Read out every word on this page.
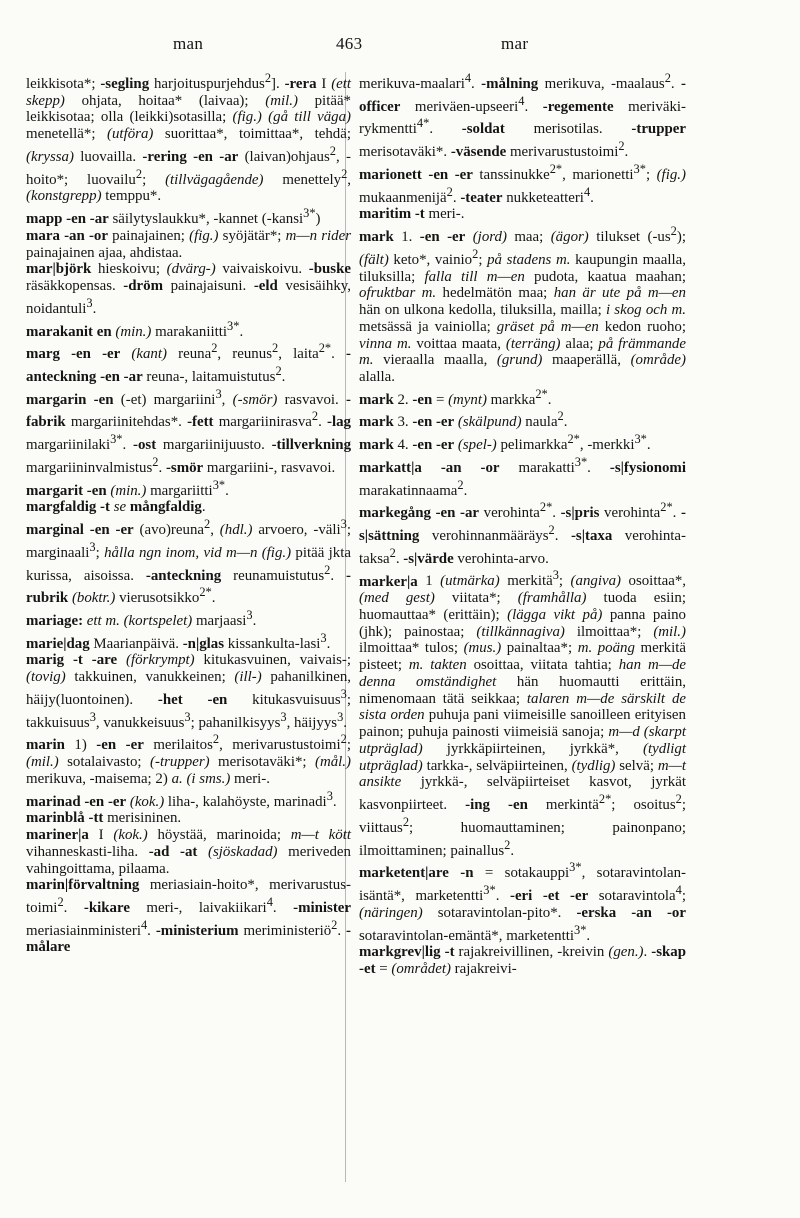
man	463	mar

leikkisota*; -segling harjoituspurjehdus$^2$]. -rera I (ett skepp) ohjata, hoitaa* (laivaa); (mil.) pitää* leikkisotaa; olla (leikki)sotasilla; (fig.) (gå till väga) menetellä*; (utföra) suorittaa*, toimittaa*, tehdä; (kryssa) luovailla. -rering -en -ar (laivan)ohjaus$^2$, -hoito*; luovailu$^2$; (tillvägagående) menettely$^2$, (konstgrepp) temppu*.

mapp -en -ar säilytyslaukku*, -kannet (-kansi$^{3*}$)

mara -an -or painajainen; (fig.) syöjätär*; m—n rider painajainen ajaa, ahdistaa.

mar|björk hieskoivu; (dvärg-) vaivaiskoivu. -buske räsäkkopensas. -dröm painajaisuni. -eld vesisäihky, noidantuli$^3$.

marakanit en (min.) marakaniitti$^{3*}$.

marg -en -er (kant) reuna$^2$, reunus$^2$, laita$^{2*}$. -anteckning -en -ar reuna-, laitamuistutus$^2$.

margarin -en (-et) margariini$^3$, (-smör) rasvavoi. -fabrik margariinitehdas*. -fett margariinirasva$^2$. -lag margariinilaki$^{3*}$. -ost margariinijuusto. -tillverkning margariininvalmistus$^2$. -smör margariini-, rasvavoi.

margarit -en (min.) margariitti$^{3*}$.

margfaldig -t se mångfaldig.

marginal -en -er (avo)reuna$^2$, (hdl.) arvoero, -väli$^3$; marginaali$^3$; hålla ngn inom, vid m—n (fig.) pitää jkta kurissa, aisoissa. -anteckning reunamuistutus$^2$. -rubrik (boktr.) vierusotsikko$^{2*}$.

mariage: ett m. (kortspelet) marjaasi$^3$.

marie|dag Maarianpäivä. -n|glas kissankulta-lasi$^3$.

marig -t -are (förkrympt) kitukasvuinen, vaivais-; (tovig) takkuinen, vanukkeinen; (ill-) pahanilkinen, häijy(luontoinen). -het -en kitukasvuisuus$^3$; takkuisuus$^3$, vanukkeisuus$^3$; pahanilkisyys$^3$, häijyys$^3$.

marin 1) -en -er merilaitos$^2$, merivarustustoimi$^2$; (mil.) sotalaivasto; (-trupper) merisotaväki*; (mål.) merikuva, -maisema; 2) a. (i sms.) meri-.

marinad -en -er (kok.) liha-, kalahöyste, marinadi$^3$.

marinblå -tt merisininen.

mariner|a I (kok.) höystää, marinoida; m—t kött vihanneskasti-liha. -ad -at (sjöskadad) meriveden vahingoittama, pilaama.

marin|förvaltning meriasiain-hoito*, merivarustus-toimi$^2$. -kikare meri-, laivakiikari$^4$. -minister meriasiainministeri$^4$. -ministerium meriministeriö$^2$. -målare

merikuva-maalari$^4$. -målning merikuva, -maalaus$^2$. -officer meriväen-upseeri$^4$. -regemente meriväki-rykmentti$^{4*}$. -soldat merisotilas. -trupper merisotaväki*. -väsende merivarustustoimi$^2$.

marionett -en -er tanssinukke$^{2*}$, marionetti$^{3*}$; (fig.) mukaanmenijä$^2$. -teater nukketeatteri$^4$.

maritim -t meri-.

mark 1. -en -er (jord) maa; (ägor) tilukset $(-us^2)$; (fält) keto*, vainio$^2$; på stadens m. kaupungin maalla, tiluksilla; falla till m—en pudota, kaatua maahan; ofruktbar m. hedelmätön maa; han är ute på m—en hän on ulkona kedolla, tiluksilla, mailla; i skog och m. metsässä ja vainiolla; gräset på m—en kedon ruoho; vinna m. voittaa maata, (terräng) alaa; på främmande m. vieraalla maalla, (grund) maaperällä, (område) alalla.

mark 2. -en = (mynt) markka$^{2*}$.

mark 3. -en -er (skälpund) naula$^2$.

mark 4. -en -er (spel-) pelimarkka$^{2*}$, -merkki$^{3*}$.

markatt|a -an -or marakatti$^{3*}$. -s|fysionomi marakatinnaama$^2$.

markegång -en -ar verohinta$^{2*}$. -s|pris verohinta$^{2*}$. -s|sättning verohinnanmääräys$^2$. -s|taxa verohinta-taksa$^2$. -s|värde verohinta-arvo.

marker|a 1 (utmärka) merkitä$^3$; (angiva) osoittaa*, (med gest) viitata*; (framhålla) tuoda esiin; huomauttaa* (erittäin); (lägga vikt på) panna paino (jhk); painostaa; (tillkännagiva) ilmoittaa*; (mil.) ilmoittaa* tulos; (mus.) painaltaa*; m. poäng merkitä pisteet; m. takten osoittaa, viitata tahtia; han m—de denna omständighet hän huomautti erittäin, nimenomaan tätä seikkaa; talaren m—de särskilt de sista orden puhuja pani viimeisille sanoilleen erityisen painon; puhuja painosti viimeisiä sanoja; m—d (skarpt utpräglad) jyrkkäpiirteinen, jyrkkä*, (tydligt utpräglad) tarkka-, selväpiirteinen, (tydlig) selvä; m—t ansikte jyrkkä-, selväpiirteiset kasvot, jyrkät kasvonpiirteet. -ing -en merkintä$^{2*}$; osoitus$^2$; viittaus$^2$; huomauttaminen; painonpano; ilmoittaminen; painallus$^2$.

marketent|are -n = sotakauppi$^{3*}$, sotaravintolan-isäntä*, marketentti$^{3*}$. -eri -et -er sotaravintola$^4$; (näringen) sotaravintolan-pito*. -erska -an -or sotaravintolan-emäntä*, marketentti$^{3*}$.

markgrev|lig -t rajakreivillinen, -kreivin (gen.). -skap -et = (området) rajakreivi-
